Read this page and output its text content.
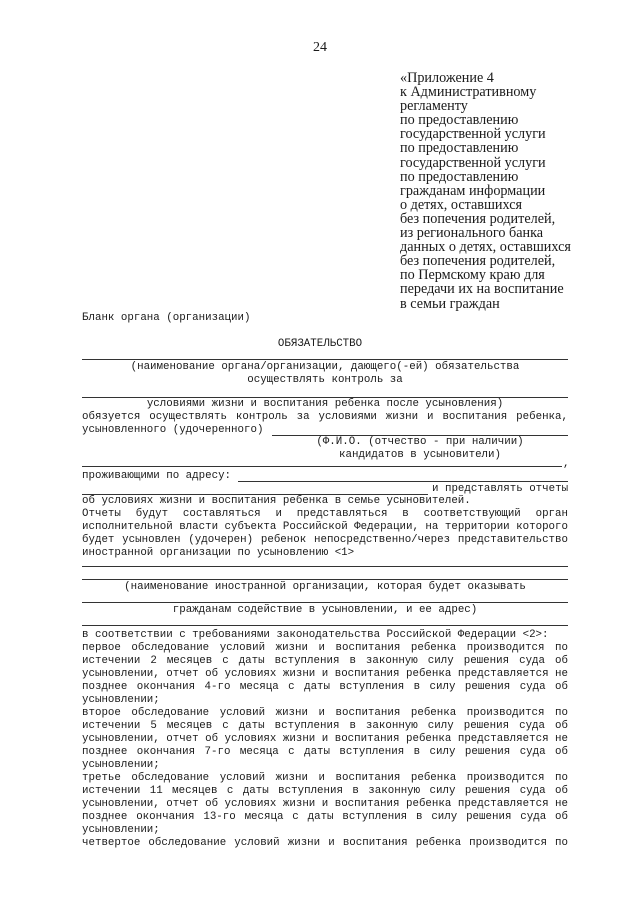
24
«Приложение 4
к Административному
регламенту
по предоставлению
государственной услуги
по предоставлению
государственной услуги
по предоставлению
гражданам информации
о детях, оставшихся
без попечения родителей,
из регионального банка
данных о детях, оставшихся
без попечения родителей,
по Пермскому краю для
передачи их на воспитание
в семьи граждан
Бланк органа (организации)
ОБЯЗАТЕЛЬСТВО
(наименование органа/организации, дающего(-ей) обязательства
осуществлять контроль за
условиями жизни и воспитания ребенка после усыновления)
обязуется осуществлять контроль за условиями жизни и воспитания ребенка,
усыновленного (удочеренного)
(Ф.И.О. (отчество - при наличии)
кандидатов в усыновители)
,
проживающими по адресу:
и представлять отчеты
об условиях жизни и воспитания ребенка в семье усыновителей.
Отчеты будут составляться и представляться в соответствующий орган
исполнительной власти субъекта Российской Федерации, на территории которого
будет усыновлен (удочерен) ребенок непосредственно/через представительство
иностранной организации по усыновлению <1>
(наименование иностранной организации, которая будет оказывать
гражданам содействие в усыновлении, и ее адрес)
в соответствии с требованиями законодательства Российской Федерации <2>:
первое обследование условий жизни и воспитания ребенка производится по
истечении 2 месяцев с даты вступления в законную силу решения суда об
усыновлении, отчет об условиях жизни и воспитания ребенка представляется не
позднее окончания 4-го месяца с даты вступления в силу решения суда об
усыновлении;
второе обследование условий жизни и воспитания ребенка производится по
истечении 5 месяцев с даты вступления в законную силу решения суда об
усыновлении, отчет об условиях жизни и воспитания ребенка представляется не
позднее окончания 7-го месяца с даты вступления в силу решения суда об
усыновлении;
третье обследование условий жизни и воспитания ребенка производится по
истечении 11 месяцев с даты вступления в законную силу решения суда об
усыновлении, отчет об условиях жизни и воспитания ребенка представляется не
позднее окончания 13-го месяца с даты вступления в силу решения суда об
усыновлении;
четвертое обследование условий жизни и воспитания ребенка производится по
